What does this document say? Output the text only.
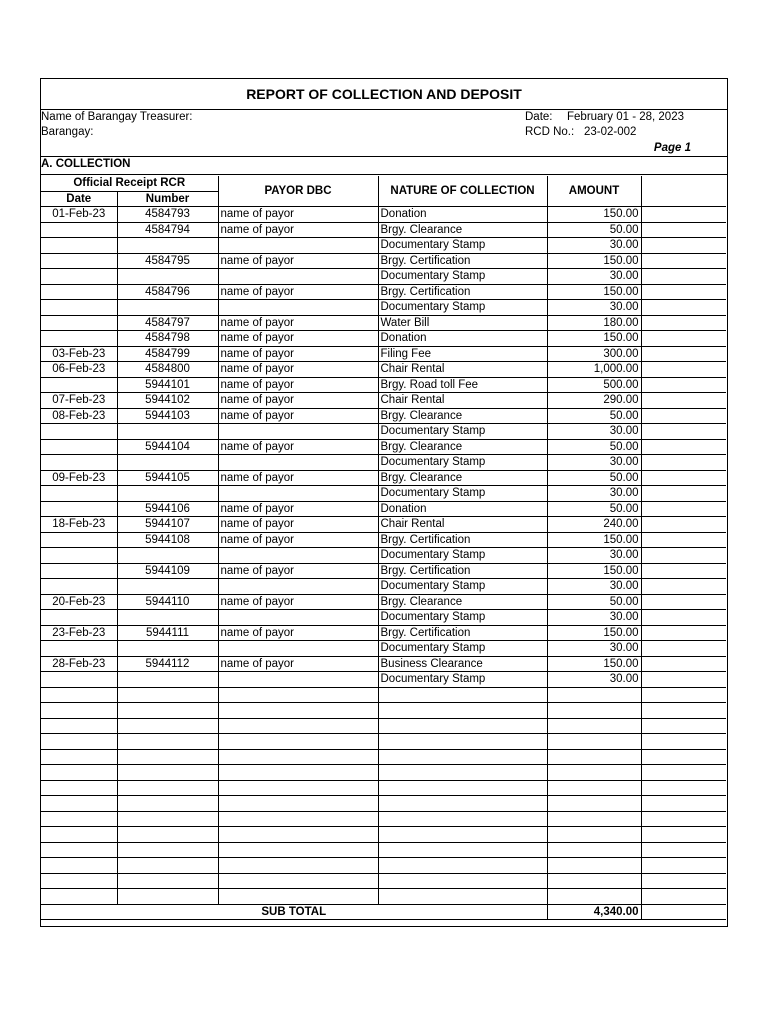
REPORT OF COLLECTION AND DEPOSIT
Name of Barangay Treasurer:
Barangay:
Date: February 01 - 28, 2023
RCD No.: 23-02-002
Page 1
A. COLLECTION
Official Receipt RCR		PAYOR DBC	NATURE OF COLLECTION	AMOUNT	
Date	Number				
01-Feb-23	4584793	name of payor	Donation	150.00	
	4584794	name of payor	Brgy. Clearance	50.00	
			Documentary Stamp	30.00	
	4584795	name of payor	Brgy. Certification	150.00	
			Documentary Stamp	30.00	
	4584796	name of payor	Brgy. Certification	150.00	
			Documentary Stamp	30.00	
	4584797	name of payor	Water Bill	180.00	
	4584798	name of payor	Donation	150.00	
03-Feb-23	4584799	name of payor	Filing Fee	300.00	
06-Feb-23	4584800	name of payor	Chair Rental	1,000.00	
	5944101	name of payor	Brgy. Road toll Fee	500.00	
07-Feb-23	5944102	name of payor	Chair Rental	290.00	
08-Feb-23	5944103	name of payor	Brgy. Clearance	50.00	
			Documentary Stamp	30.00	
	5944104	name of payor	Brgy. Clearance	50.00	
			Documentary Stamp	30.00	
09-Feb-23	5944105	name of payor	Brgy. Clearance	50.00	
			Documentary Stamp	30.00	
	5944106	name of payor	Donation	50.00	
18-Feb-23	5944107	name of payor	Chair Rental	240.00	
	5944108	name of payor	Brgy. Certification	150.00	
			Documentary Stamp	30.00	
	5944109	name of payor	Brgy. Certification	150.00	
			Documentary Stamp	30.00	
20-Feb-23	5944110	name of payor	Brgy. Clearance	50.00	
			Documentary Stamp	30.00	
23-Feb-23	5944111	name of payor	Brgy. Certification	150.00	
			Documentary Stamp	30.00	
28-Feb-23	5944112	name of payor	Business Clearance	150.00	
			Documentary Stamp	30.00	

SUB TOTAL				4,340.00	
